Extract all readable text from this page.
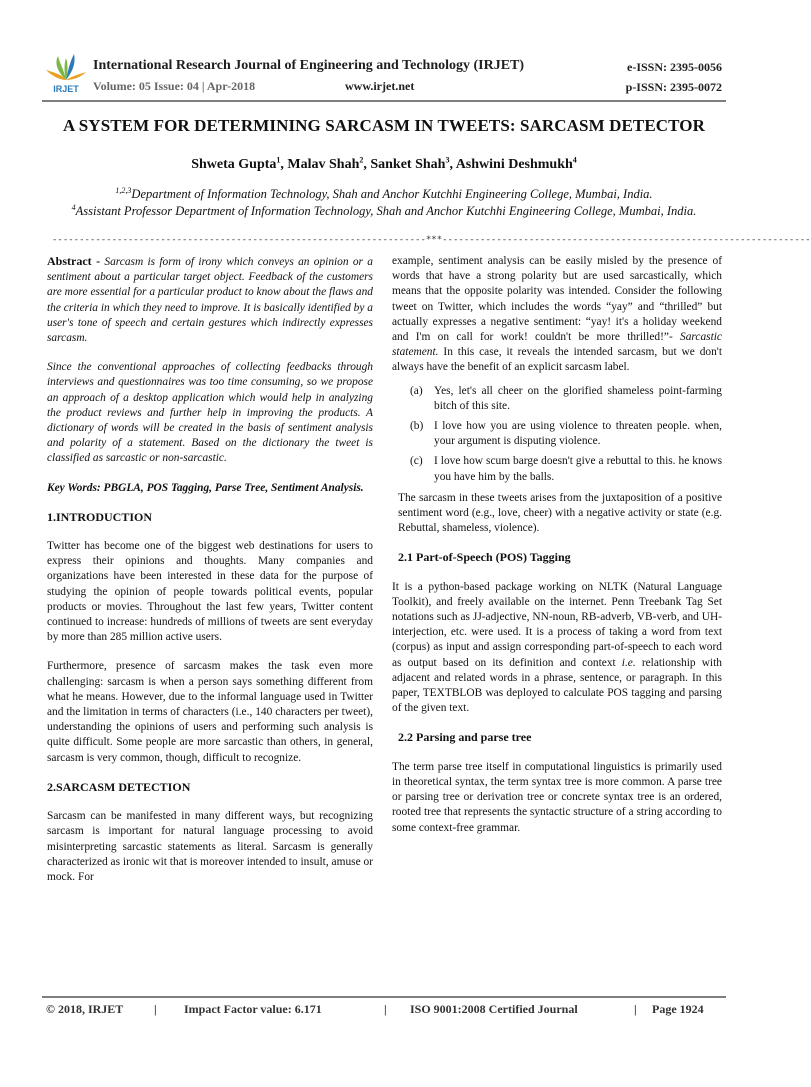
IRJET
International Research Journal of Engineering and Technology (IRJET)
Volume: 05 Issue: 04 | Apr-2018	www.irjet.net
e-ISSN: 2395-0056
p-ISSN: 2395-0072
A SYSTEM FOR DETERMINING SARCASM IN TWEETS: SARCASM DETECTOR
Shweta Gupta$^1$, Malav Shah$^2$, Sanket Shah$^3$, Ashwini Deshmukh$^4$
$^{1,2,3}$Department of Information Technology, Shah and Anchor Kutchhi Engineering College, Mumbai, India.
$^4$Assistant Professor Department of Information Technology, Shah and Anchor Kutchhi Engineering College, Mumbai, India.
---------------------------------------------------------------------***--------------------------------------------------------------------

Abstract - Sarcasm is form of irony which conveys an opinion or a sentiment about a particular target object. Feedback of the customers are more essential for a particular product to know about the flaws and the criteria in which they need to improve. It is basically identified by a user's tone of speech and certain gestures which indirectly expresses sarcasm.

Since the conventional approaches of collecting feedbacks through interviews and questionnaires was too time consuming, so we propose an approach of a desktop application which would help in analyzing the product reviews and further help in improving the products. A dictionary of words will be created in the basis of sentiment analysis and polarity of a statement. Based on the dictionary the tweet is classified as sarcastic or non-sarcastic.

Key Words: PBGLA, POS Tagging, Parse Tree, Sentiment Analysis.

1.INTRODUCTION

Twitter has become one of the biggest web destinations for users to express their opinions and thoughts. Many companies and organizations have been interested in these data for the purpose of studying the opinion of people towards political events, popular products or movies. Throughout the last few years, Twitter content continued to increase: hundreds of millions of tweets are sent everyday by more than 285 million active users.

Furthermore, presence of sarcasm makes the task even more challenging: sarcasm is when a person says something different from what he means. However, due to the informal language used in Twitter and the limitation in terms of characters (i.e., 140 characters per tweet), understanding the opinions of users and performing such analysis is quite difficult. Some people are more sarcastic than others, in general, sarcasm is very common, though, difficult to recognize.

2.SARCASM DETECTION

Sarcasm can be manifested in many different ways, but recognizing sarcasm is important for natural language processing to avoid misinterpreting sarcastic statements as literal. Sarcasm is generally characterized as ironic wit that is moreover intended to insult, amuse or mock. For

example, sentiment analysis can be easily misled by the presence of words that have a strong polarity but are used sarcastically, which means that the opposite polarity was intended. Consider the following tweet on Twitter, which includes the words “yay” and “thrilled” but actually expresses a negative sentiment: “yay! it's a holiday weekend and I'm on call for work! couldn't be more thrilled!”- Sarcastic statement. In this case, it reveals the intended sarcasm, but we don't always have the benefit of an explicit sarcasm label.

(a) Yes, let's all cheer on the glorified shameless point-farming bitch of this site.
(b) I love how you are using violence to threaten people. when, your argument is disputing violence.
(c) I love how scum barge doesn't give a rebuttal to this. he knows you have him by the balls.

The sarcasm in these tweets arises from the juxtaposition of a positive sentiment word (e.g., love, cheer) with a negative activity or state (e.g. Rebuttal, shameless, violence).

2.1 Part-of-Speech (POS) Tagging

It is a python-based package working on NLTK (Natural Language Toolkit), and freely available on the internet. Penn Treebank Tag Set notations such as JJ-adjective, NN-noun, RB-adverb, VB-verb, and UH-interjection, etc. were used. It is a process of taking a word from text (corpus) as input and assign corresponding part-of-speech to each word as output based on its definition and context i.e. relationship with adjacent and related words in a phrase, sentence, or paragraph. In this paper, TEXTBLOB was deployed to calculate POS tagging and parsing of the given text.

2.2 Parsing and parse tree

The term parse tree itself in computational linguistics is primarily used in theoretical syntax, the term syntax tree is more common. A parse tree or parsing tree or derivation tree or concrete syntax tree is an ordered, rooted tree that represents the syntactic structure of a string according to some context-free grammar.

© 2018, IRJET	|	Impact Factor value: 6.171	|	ISO 9001:2008 Certified Journal	|	Page 1924
